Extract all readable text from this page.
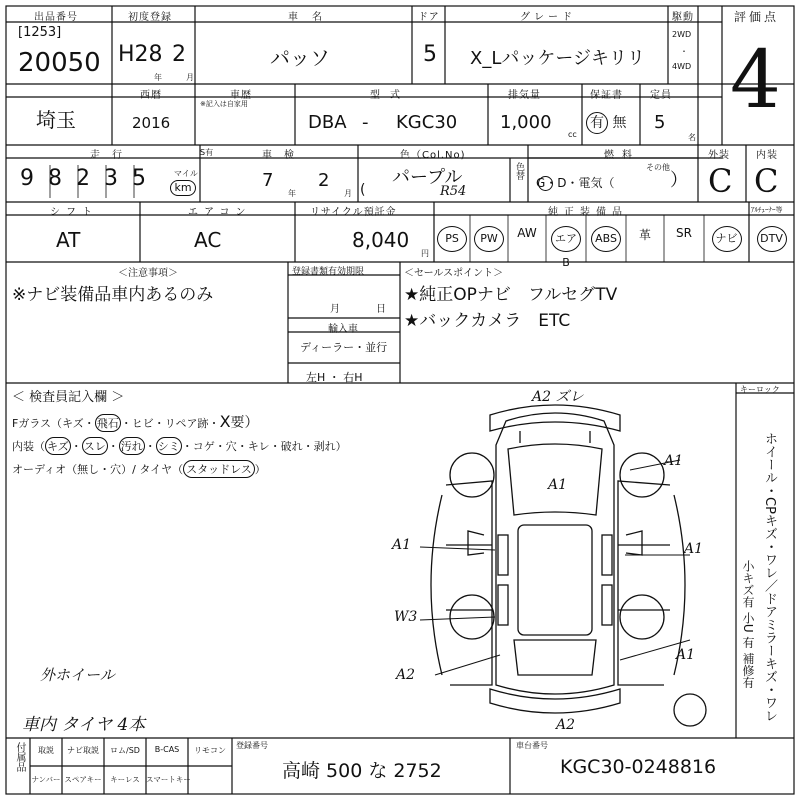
出品番号
[1253]
20050
初度登録
H28 2
年	月
車名
パッソ
ドア
5
グレード
X_Lパッケージキリリ
駆動
2WD
・
4WD
評価点
4
埼玉
西暦
2016
車歴
※記入は自家用
型式
DBA - KGC30
排気量
1,000
cc
保証書
有 無
定員
5
名
走行	S有
9 8 2 3 5	マイル
km
車検
7
年
2
月
色（Col.No)
(
パープル
R54
色替
燃料
G・D・電気（
その他
）
外装
C
内装
C
シフト
AT
エアコン
AC
リサイクル預託金
8,040
円
純正装備品	ｱﾙﾁｭｰﾅｰ等
PS	PW	AW	エアB
ABS	革	SR	ナビ	DTV
＜注意事項＞
※ナビ装備品車内あるのみ
登録書類有効期限
月	日
輸入車
ディーラー・並行
左H ・ 右H
＜セールスポイント＞
★純正OPナビ　フルセグTV
★バックカメラ　ETC
＜ 検査員記入欄 ＞
Fガラス（キズ・ 飛石 ・ヒビ・リペア跡・X要）
内装（ キズ ・ スレ ・ 汚れ ・ シミ ・コゲ・穴・キレ・破れ・剥れ）
オーディオ（無し・穴）/ タイヤ（ スタッドレス ）
外ホイール
車内 タイヤ 4本
A2 ズレ
A1
A1
A1	A1
W3
A2
A1
A2
キーロック
ホイール・CPキズ・ワレ／ドアミラーキズ・ワレ
小キズ有 小U 有 補修有
付属品	取説	ナビ取説	ロム/SD	B-CAS	リモコン
ナンバー スペアキー	キーレス スマートキー
登録番号
高崎 500 な 2752
車台番号
KGC30-0248816
